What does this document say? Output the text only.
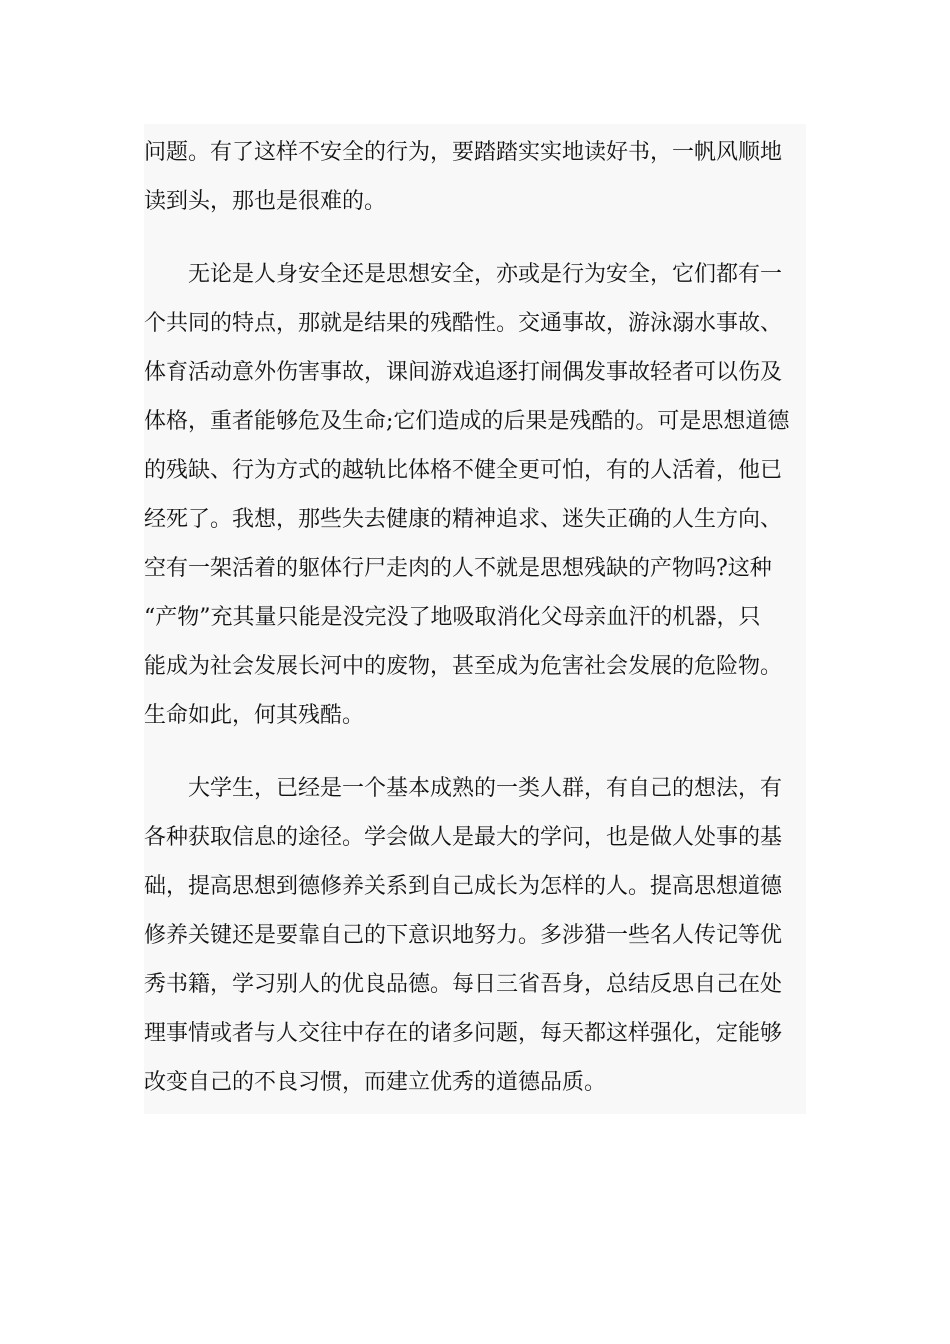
问题。有了这样不安全的行为，要踏踏实实地读好书，一帆风顺地
读到头，那也是很难的。
无论是人身安全还是思想安全，亦或是行为安全，它们都有一
个共同的特点，那就是结果的残酷性。交通事故，游泳溺水事故、
体育活动意外伤害事故，课间游戏追逐打闹偶发事故轻者可以伤及
体格，重者能够危及生命;它们造成的后果是残酷的。可是思想道德
的残缺、行为方式的越轨比体格不健全更可怕，有的人活着，他已
经死了。我想，那些失去健康的精神追求、迷失正确的人生方向、
空有一架活着的躯体行尸走肉的人不就是思想残缺的产物吗?这种
“产物”充其量只能是没完没了地吸取消化父母亲血汗的机器，只
能成为社会发展长河中的废物，甚至成为危害社会发展的危险物。
生命如此，何其残酷。
大学生，已经是一个基本成熟的一类人群，有自己的想法，有
各种获取信息的途径。学会做人是最大的学问，也是做人处事的基
础，提高思想到德修养关系到自己成长为怎样的人。提高思想道德
修养关键还是要靠自己的下意识地努力。多涉猎一些名人传记等优
秀书籍，学习别人的优良品德。每日三省吾身，总结反思自己在处
理事情或者与人交往中存在的诸多问题，每天都这样强化，定能够
改变自己的不良习惯，而建立优秀的道德品质。
